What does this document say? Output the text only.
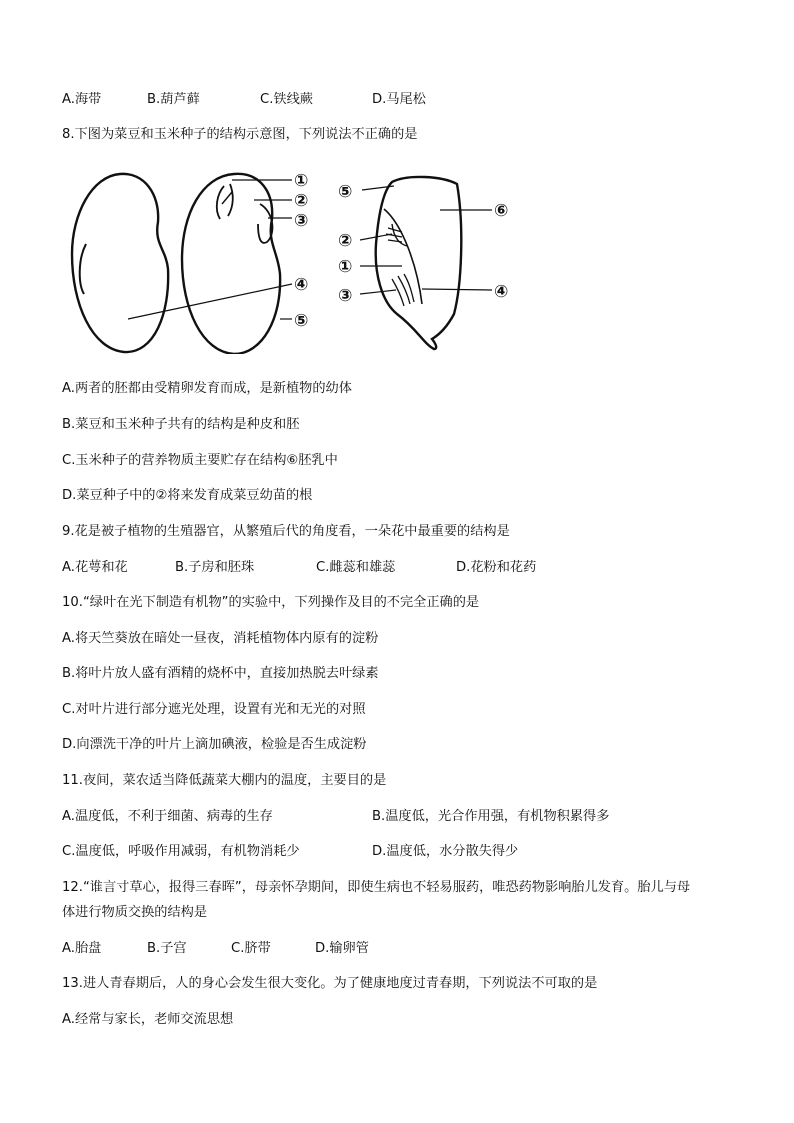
A.海带	B.葫芦藓	C.铁线蕨	D.马尾松
8.下图为菜豆和玉米种子的结构示意图，下列说法不正确的是
①
②
③
④
⑤
⑤
⑥
②
①
③	④
A.两者的胚都由受精卵发育而成，是新植物的幼体
B.菜豆和玉米种子共有的结构是种皮和胚
C.玉米种子的营养物质主要贮存在结构⑥胚乳中
D.菜豆种子中的②将来发育成菜豆幼苗的根
9.花是被子植物的生殖器官，从繁殖后代的角度看，一朵花中最重要的结构是
A.花萼和花	B.子房和胚珠	C.雌蕊和雄蕊	D.花粉和花药
10.“绿叶在光下制造有机物”的实验中，下列操作及目的不完全正确的是
A.将天竺葵放在暗处一昼夜，消耗植物体内原有的淀粉
B.将叶片放人盛有酒精的烧杯中，直接加热脱去叶绿素
C.对叶片进行部分遮光处理，设置有光和无光的对照
D.向漂洗干净的叶片上滴加碘液，检验是否生成淀粉
11.夜间，菜农适当降低蔬菜大棚内的温度，主要目的是
A.温度低，不利于细菌、病毒的生存	B.温度低，光合作用强，有机物积累得多
C.温度低，呼吸作用减弱，有机物消耗少	D.温度低，水分散失得少
12.“谁言寸草心，报得三春晖”，母亲怀孕期间，即使生病也不轻易服药，唯恐药物影响胎儿发育。胎儿与母
体进行物质交换的结构是
A.胎盘	B.子宫	C.脐带	D.输卵管
13.进人青春期后，人的身心会发生很大变化。为了健康地度过青春期，下列说法不可取的是
A.经常与家长，老师交流思想
